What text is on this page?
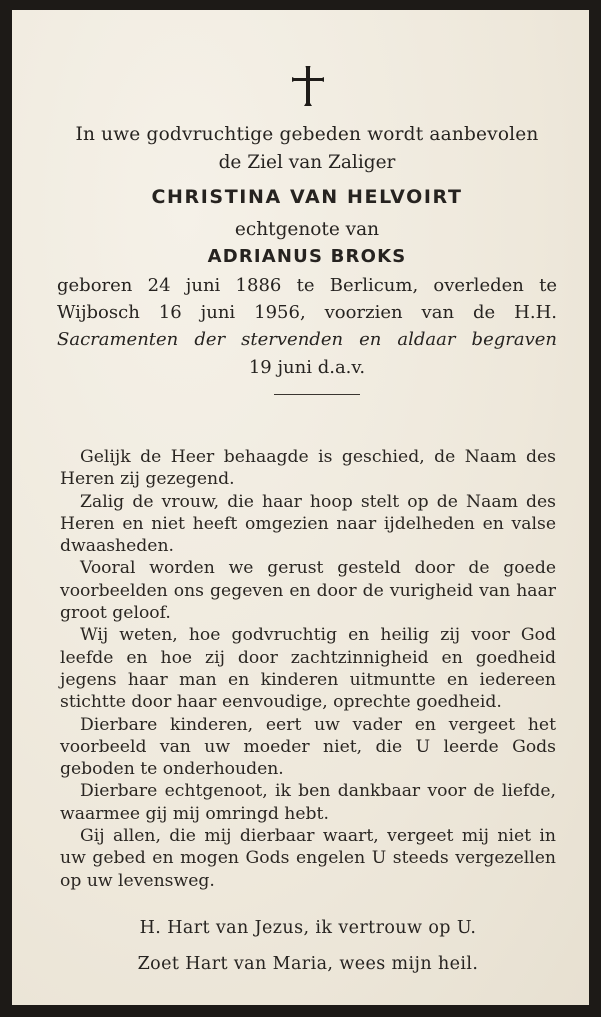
In uwe godvruchtige gebeden wordt aanbevolen
de Ziel van Zaliger
CHRISTINA VAN HELVOIRT
echtgenote van
ADRIANUS BROKS
geboren 24 juni 1886 te Berlicum, overleden te
Wijbosch 16 juni 1956, voorzien van de H.H.
Sacramenten der stervenden en aldaar begraven
19 juni d.a.v.

Gelijk de Heer behaagde is geschied, de Naam des Heren zij gezegend.

Zalig de vrouw, die haar hoop stelt op de Naam des Heren en niet heeft omgezien naar ijdelheden en valse dwaasheden.

Vooral worden we gerust gesteld door de goede voorbeelden ons gegeven en door de vurigheid van haar groot geloof.

Wij weten, hoe godvruchtig en heilig zij voor God leefde en hoe zij door zachtzinnigheid en goedheid jegens haar man en kinderen uitmuntte en iedereen stichtte door haar eenvoudige, oprechte goedheid.

Dierbare kinderen, eert uw vader en vergeet het voorbeeld van uw moeder niet, die U leerde Gods geboden te onderhouden.

Dierbare echtgenoot, ik ben dankbaar voor de liefde, waarmee gij mij omringd hebt.

Gij allen, die mij dierbaar waart, vergeet mij niet in uw gebed en mogen Gods engelen U steeds vergezellen op uw levensweg.

H. Hart van Jezus, ik vertrouw op U.
Zoet Hart van Maria, wees mijn heil.
